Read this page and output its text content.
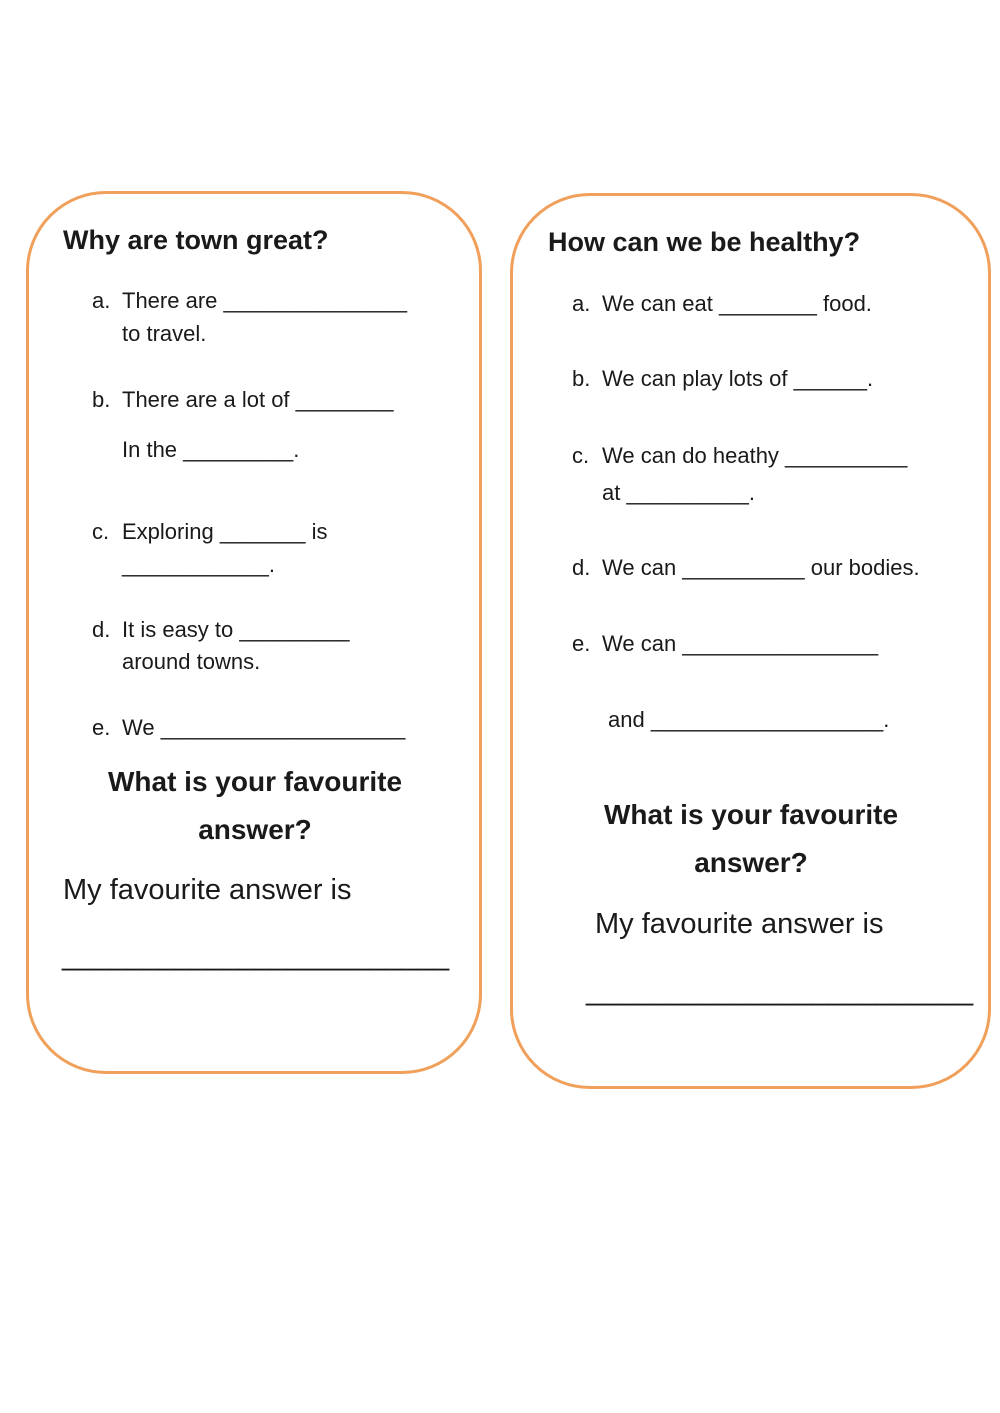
Why are town great?
a. There are _______________
to travel.
b. There are a lot of ________
In the _________.
c. Exploring _______ is
____________.
d. It is easy to _________
around towns.
e. We ____________________
What is your favourite answer?
My favourite answer is
________________________
How can we be healthy?
a. We can eat ________ food.
b. We can play lots of ______.
c. We can do heathy __________
at __________.
d. We can __________ our bodies.
e. We can ________________
and ___________________.
What is your favourite answer?
My favourite answer is
________________________
